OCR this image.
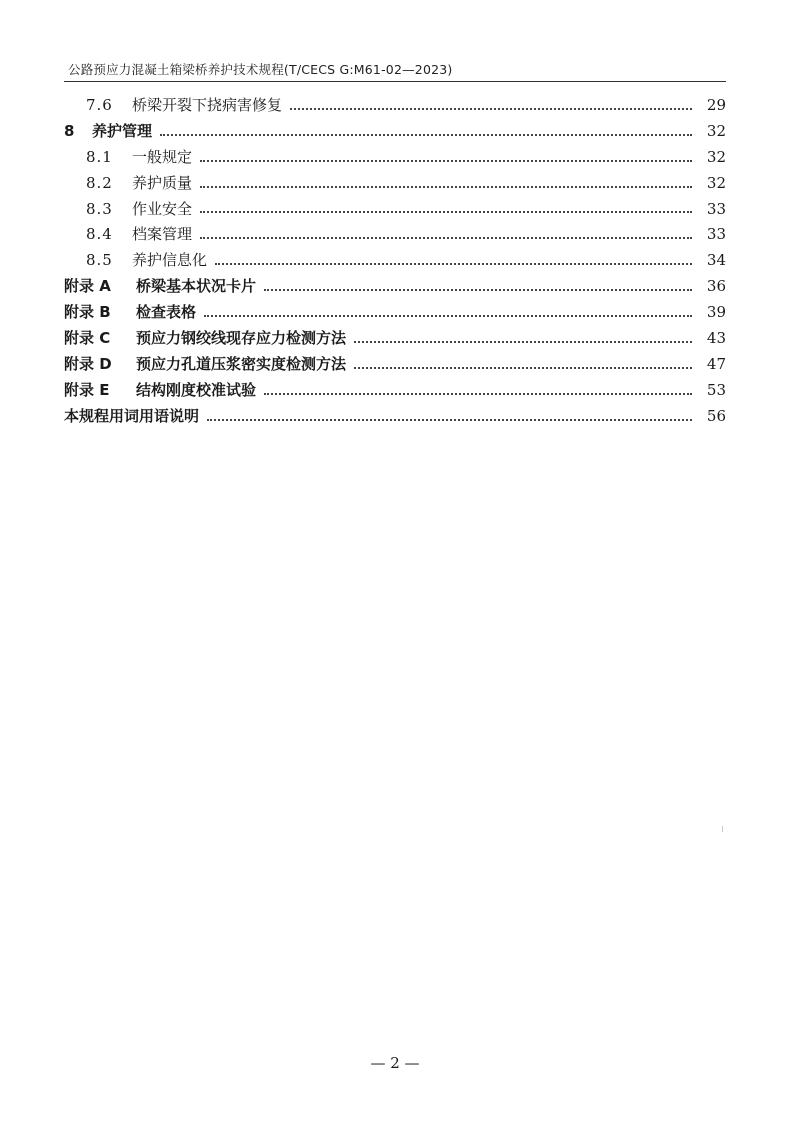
公路预应力混凝土箱梁桥养护技术规程(T/CECS G:M61-02—2023)
7.6	桥梁开裂下挠病害修复	29
8	养护管理	32
8.1	一般规定	32
8.2	养护质量	32
8.3	作业安全	33
8.4	档案管理	33
8.5	养护信息化	34
附录 A	桥梁基本状况卡片	36
附录 B	检查表格	39
附录 C	预应力钢绞线现存应力检测方法	43
附录 D	预应力孔道压浆密实度检测方法	47
附录 E	结构刚度校准试验	53
本规程用词用语说明	56
— 2 —
